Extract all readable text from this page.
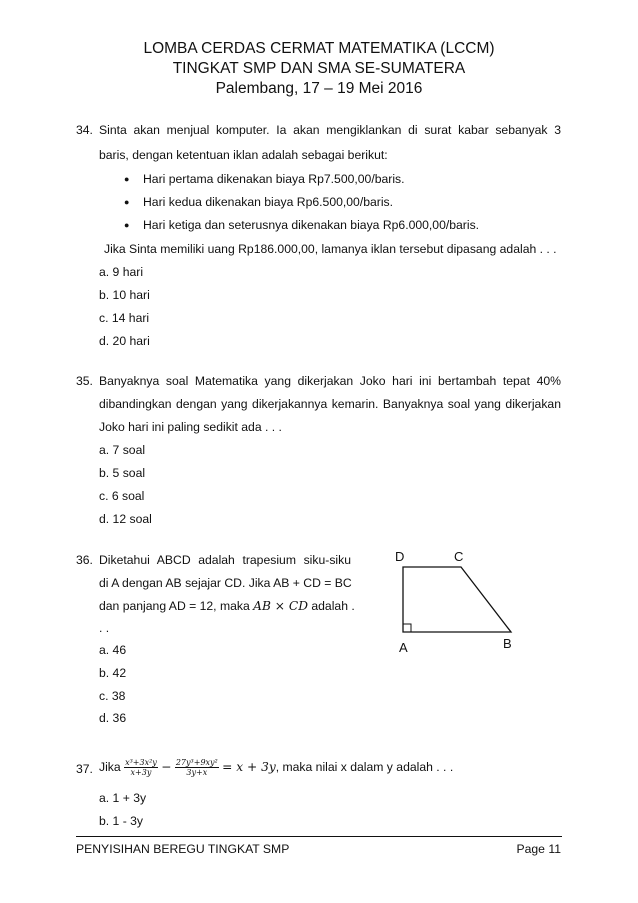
LOMBA CERDAS CERMAT MATEMATIKA (LCCM)
TINGKAT SMP DAN SMA SE-SUMATERA
Palembang, 17 – 19 Mei 2016
34. Sinta akan menjual komputer. Ia akan mengiklankan di surat kabar sebanyak 3
baris, dengan ketentuan iklan adalah sebagai berikut:
● Hari pertama dikenakan biaya Rp7.500,00/baris.
● Hari kedua dikenakan biaya Rp6.500,00/baris.
● Hari ketiga dan seterusnya dikenakan biaya Rp6.000,00/baris.
Jika Sinta memiliki uang Rp186.000,00, lamanya iklan tersebut dipasang adalah . . .
a. 9 hari
b. 10 hari
c. 14 hari
d. 20 hari
35. Banyaknya soal Matematika yang dikerjakan Joko hari ini bertambah tepat 40%
dibandingkan dengan yang dikerjakannya kemarin. Banyaknya soal yang dikerjakan
Joko hari ini paling sedikit ada . . .
a. 7 soal
b. 5 soal
c. 6 soal
d. 12 soal
36. Diketahui ABCD adalah trapesium siku-siku
di A dengan AB sejajar CD. Jika AB + CD = BC
dan panjang AD = 12, maka AB × CD adalah .
. .
a. 46
b. 42
c. 38
d. 36
D	C
A	B
37. Jika $\frac{\text{x³+3x²y}}{x+3y} - \frac{\text{27y³+9xy²}}{3y+x} = x + 3y$, maka nilai x dalam y adalah . . .
a. 1 + 3y
b. 1 - 3y
PENYISIHAN BEREGU TINGKAT SMP	Page 11
